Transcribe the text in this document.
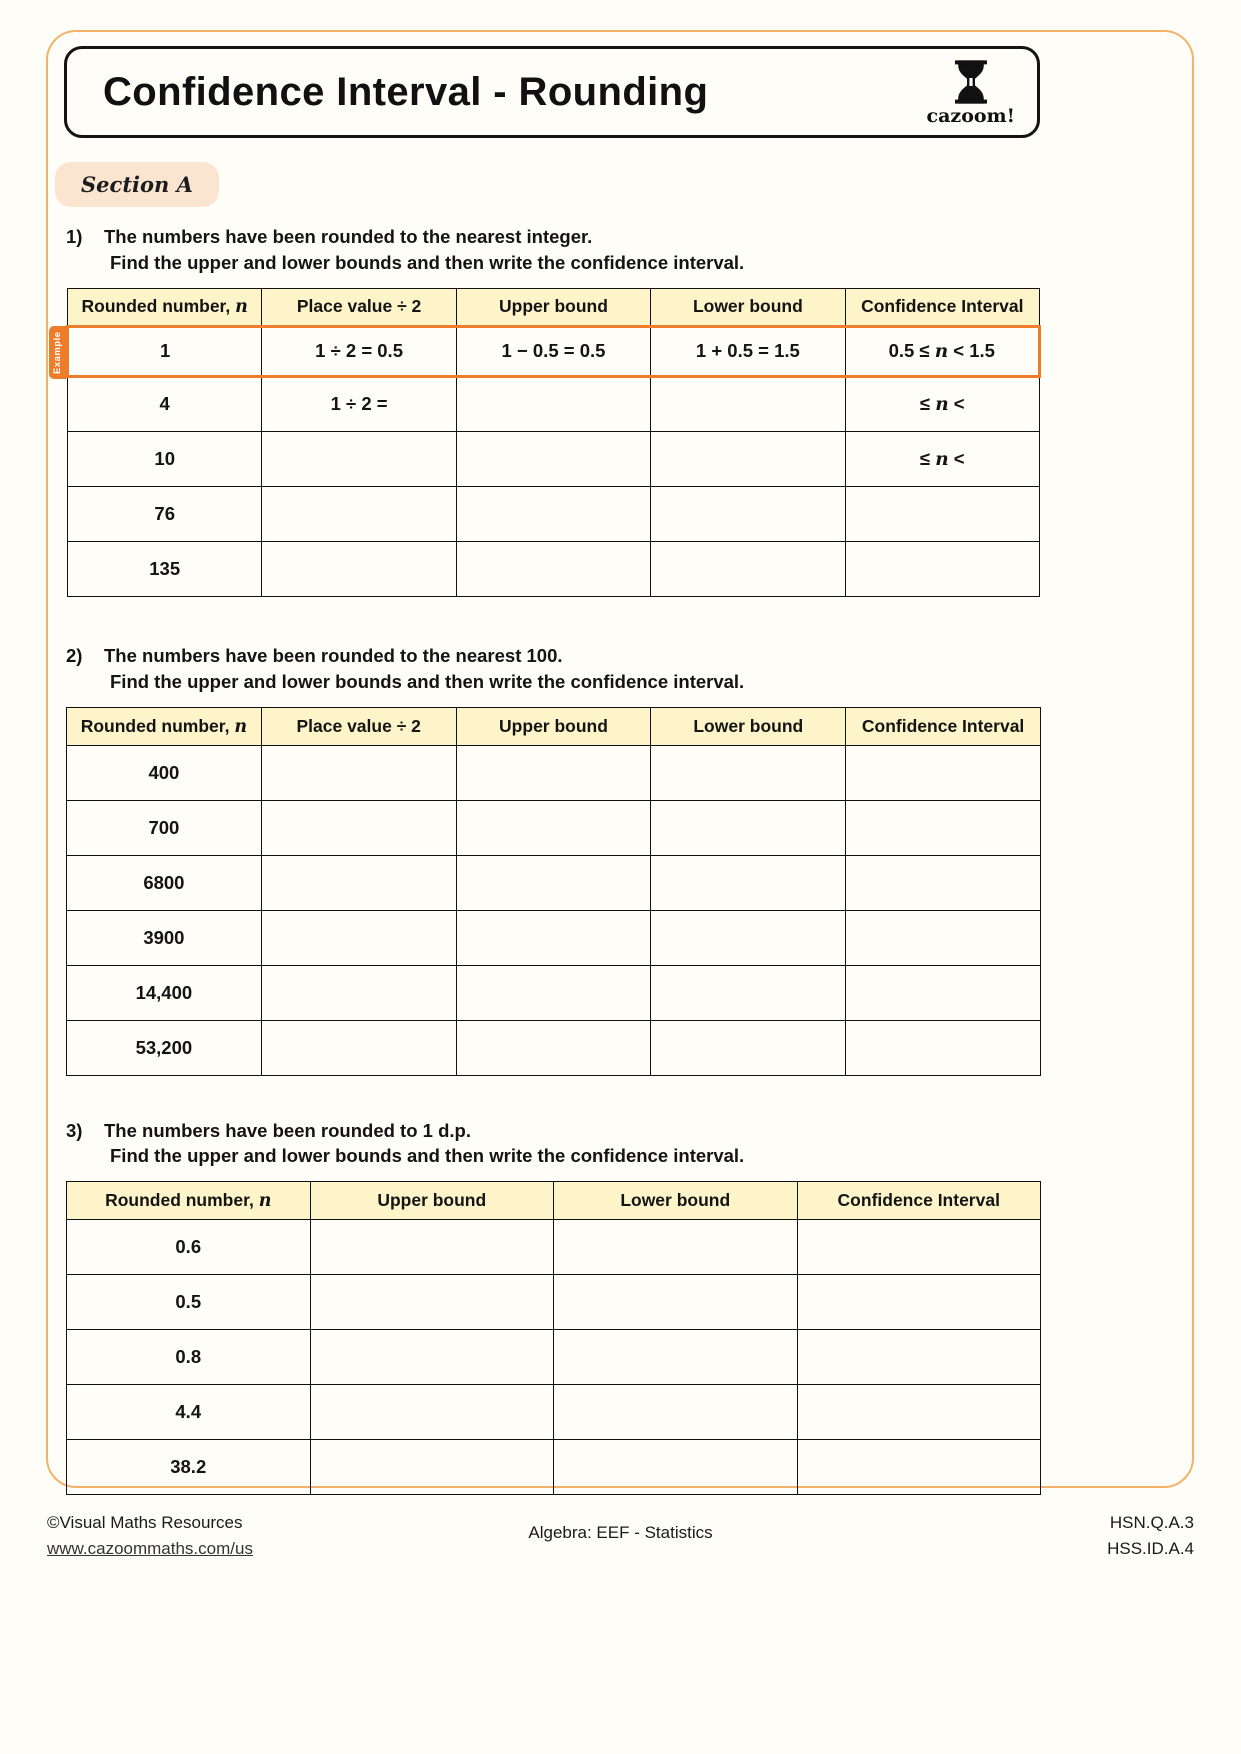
Confidence Interval - Rounding
cazoom!
Section A
1)	The numbers have been rounded to the nearest integer.
Find the upper and lower bounds and then write the confidence interval.
Example
Rounded number, n	Place value ÷ 2	Upper bound	Lower bound	Confidence Interval
1	1 ÷ 2 = 0.5	1 − 0.5 = 0.5	1 + 0.5 = 1.5	0.5 ≤ n < 1.5
4	1 ÷ 2 =			≤ n <
10				≤ n <
76				
135				
2)	The numbers have been rounded to the nearest 100.
Find the upper and lower bounds and then write the confidence interval.
Rounded number, n	Place value ÷ 2	Upper bound	Lower bound	Confidence Interval
400				
700				
6800				
3900				
14,400				
53,200				
3)	The numbers have been rounded to 1 d.p.
Find the upper and lower bounds and then write the confidence interval.
Rounded number, n	Upper bound	Lower bound	Confidence Interval
0.6			
0.5			
0.8			
4.4			
38.2			
©Visual Maths Resources
www.cazoommaths.com/us
Algebra: EEF - Statistics
HSN.Q.A.3
HSS.ID.A.4
